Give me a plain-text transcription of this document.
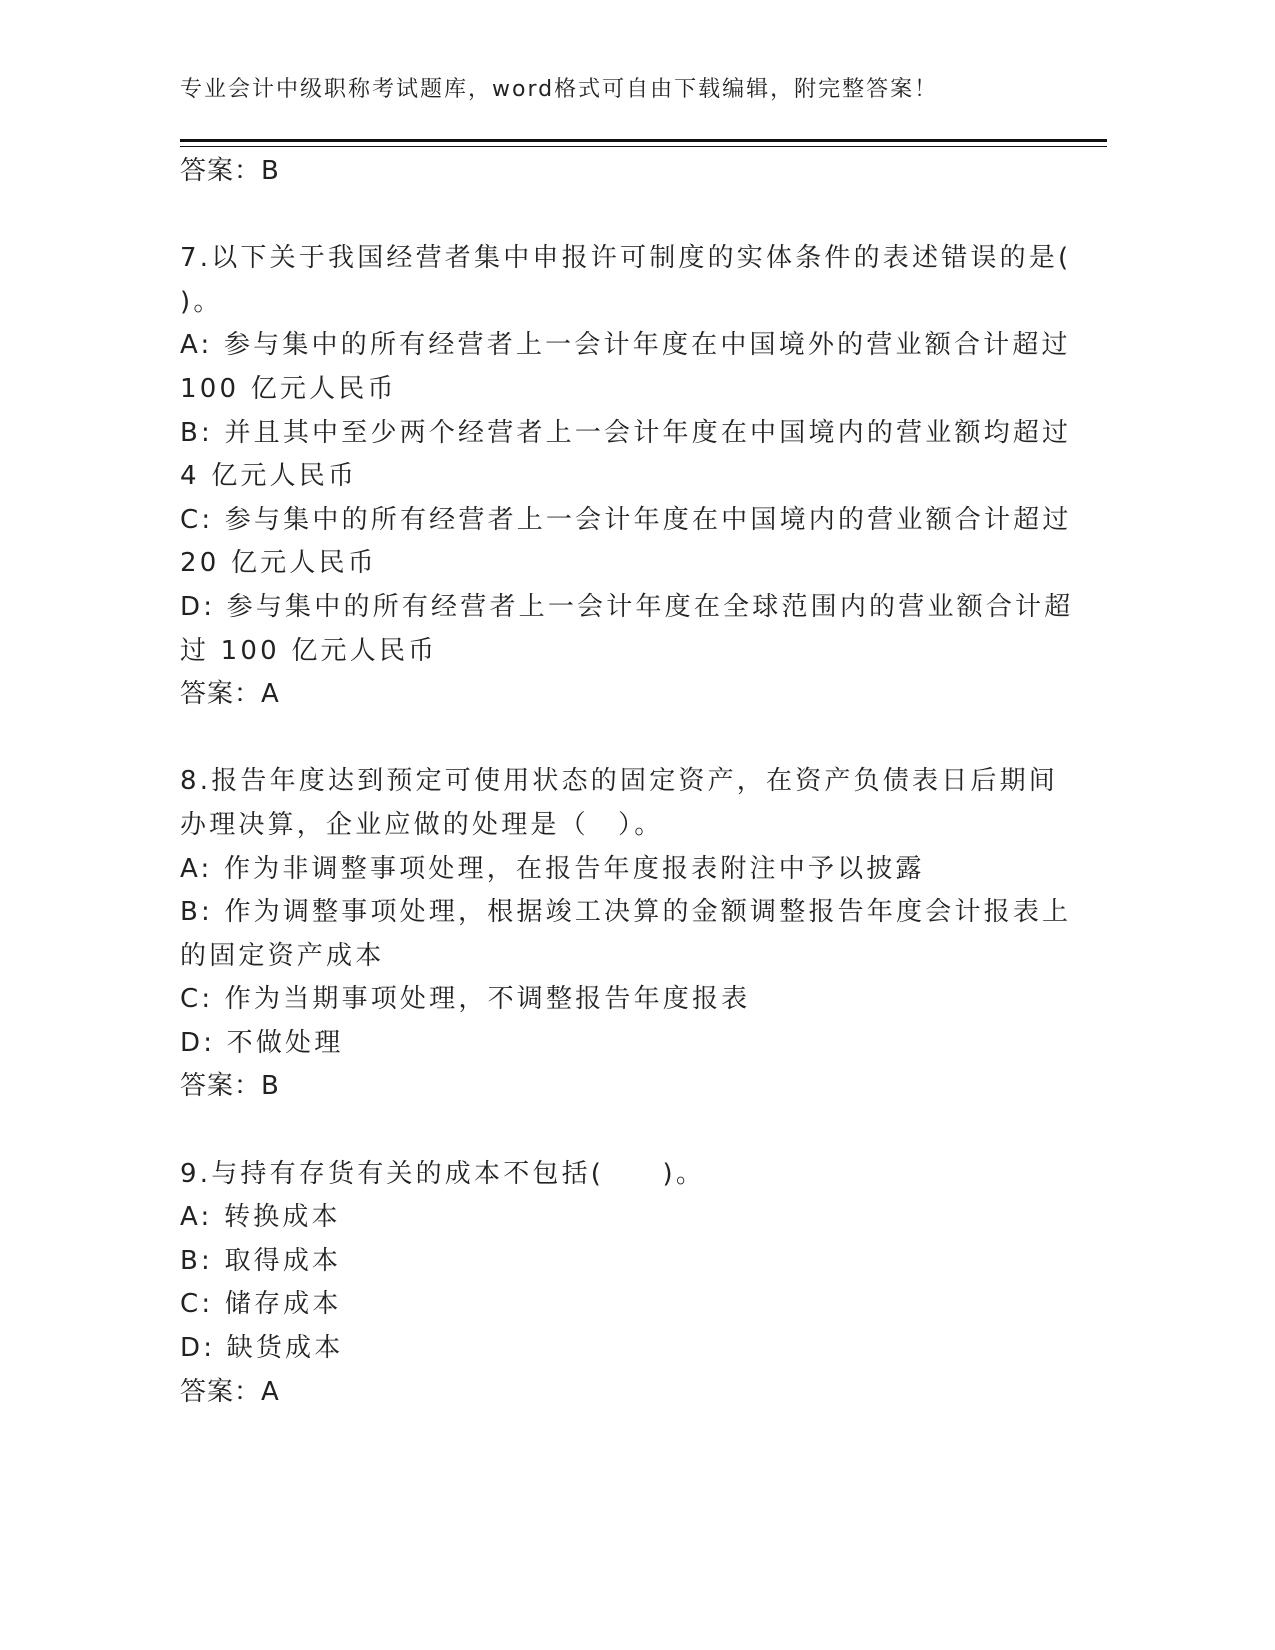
专业会计中级职称考试题库，word格式可自由下载编辑，附完整答案！
答案：B
7.以下关于我国经营者集中申报许可制度的实体条件的表述错误的是(
)。
A: 参与集中的所有经营者上一会计年度在中国境外的营业额合计超过
100 亿元人民币
B: 并且其中至少两个经营者上一会计年度在中国境内的营业额均超过
4 亿元人民币
C: 参与集中的所有经营者上一会计年度在中国境内的营业额合计超过
20 亿元人民币
D: 参与集中的所有经营者上一会计年度在全球范围内的营业额合计超
过 100 亿元人民币
答案：A
8.报告年度达到预定可使用状态的固定资产，在资产负债表日后期间
办理决算，企业应做的处理是（　）。
A: 作为非调整事项处理，在报告年度报表附注中予以披露
B: 作为调整事项处理，根据竣工决算的金额调整报告年度会计报表上
的固定资产成本
C: 作为当期事项处理，不调整报告年度报表
D: 不做处理
答案：B
9.与持有存货有关的成本不包括(　　)。
A: 转换成本
B: 取得成本
C: 储存成本
D: 缺货成本
答案：A
